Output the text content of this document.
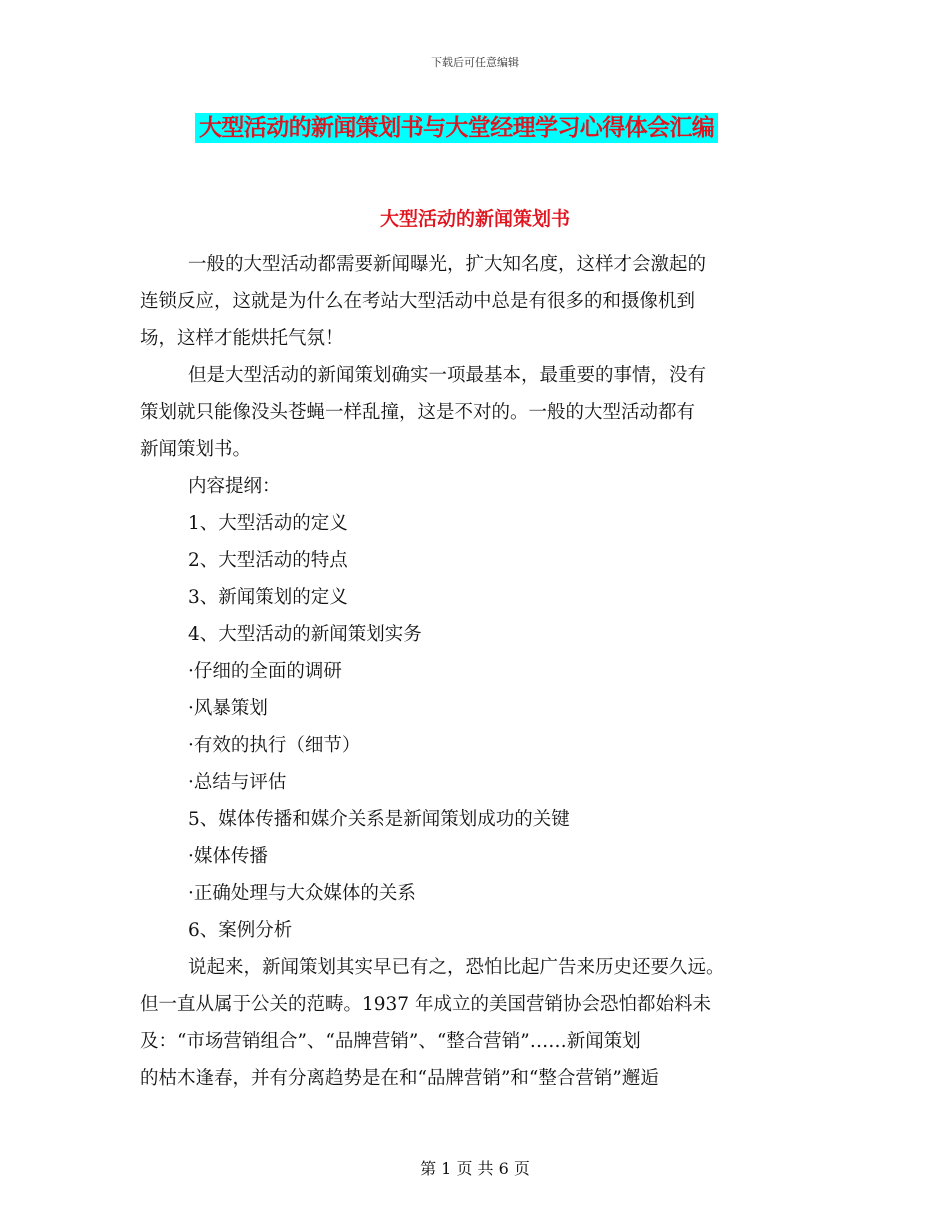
下载后可任意编辑
大型活动的新闻策划书与大堂经理学习心得体会汇编
大型活动的新闻策划书
一般的大型活动都需要新闻曝光，扩大知名度，这样才会激起的
连锁反应，这就是为什么在考站大型活动中总是有很多的和摄像机到
场，这样才能烘托气氛！
但是大型活动的新闻策划确实一项最基本，最重要的事情，没有
策划就只能像没头苍蝇一样乱撞，这是不对的。一般的大型活动都有
新闻策划书。
内容提纲：
1、大型活动的定义
2、大型活动的特点
3、新闻策划的定义
4、大型活动的新闻策划实务
·仔细的全面的调研
·风暴策划
·有效的执行（细节）
·总结与评估
5、媒体传播和媒介关系是新闻策划成功的关键
·媒体传播
·正确处理与大众媒体的关系
6、案例分析
说起来，新闻策划其实早已有之，恐怕比起广告来历史还要久远。
但一直从属于公关的范畴。1937 年成立的美国营销协会恐怕都始料未
及：“市场营销组合”、“品牌营销”、“整合营销”……新闻策划
的枯木逢春，并有分离趋势是在和“品牌营销”和“整合营销”邂逅
第 1 页 共 6 页
